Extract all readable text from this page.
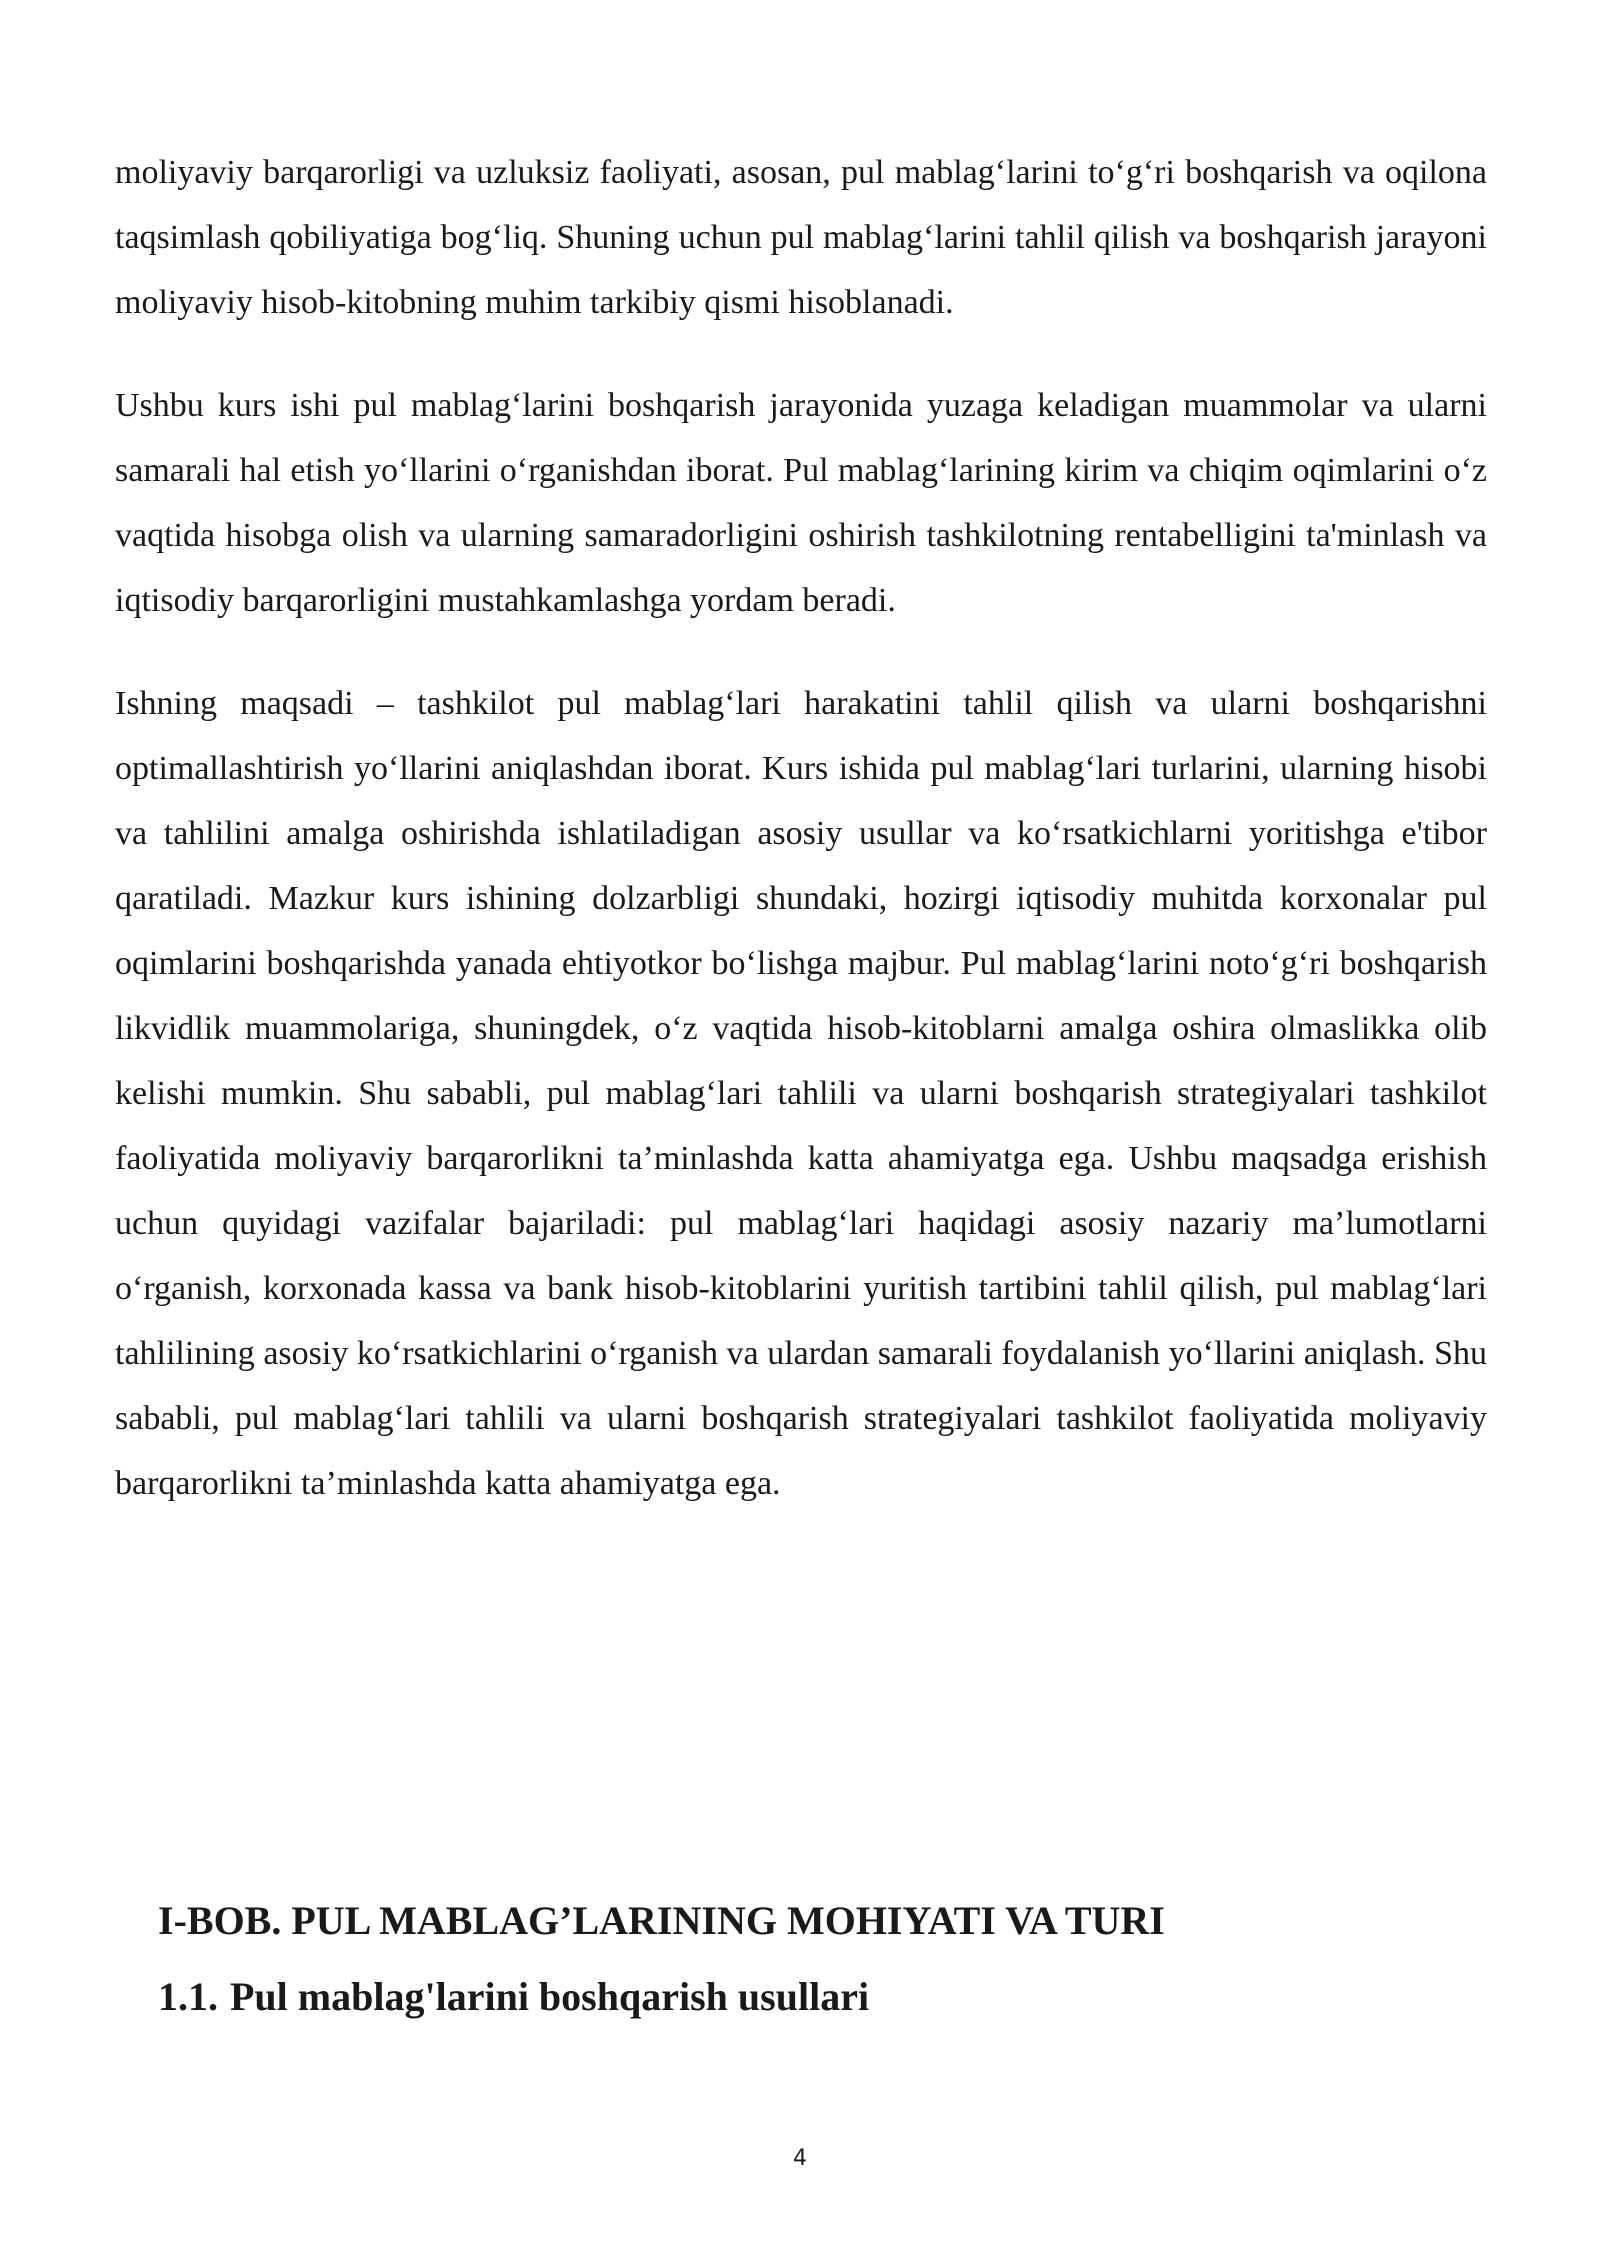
moliyaviy barqarorligi va uzluksiz faoliyati, asosan, pul mablag‘larini to‘g‘ri boshqarish va oqilona taqsimlash qobiliyatiga bog‘liq. Shuning uchun pul mablag‘larini tahlil qilish va boshqarish jarayoni moliyaviy hisob-kitobning muhim tarkibiy qismi hisoblanadi.

Ushbu kurs ishi pul mablag‘larini boshqarish jarayonida yuzaga keladigan muammolar va ularni samarali hal etish yo‘llarini o‘rganishdan iborat. Pul mablag‘larining kirim va chiqim oqimlarini o‘z vaqtida hisobga olish va ularning samaradorligini oshirish tashkilotning rentabelligini ta'minlash va iqtisodiy barqarorligini mustahkamlashga yordam beradi.

Ishning maqsadi – tashkilot pul mablag‘lari harakatini tahlil qilish va ularni boshqarishni optimallashtirish yo‘llarini aniqlashdan iborat. Kurs ishida pul mablag‘lari turlarini, ularning hisobi va tahlilini amalga oshirishda ishlatiladigan asosiy usullar va ko‘rsatkichlarni yoritishga e'tibor qaratiladi. Mazkur kurs ishining dolzarbligi shundaki, hozirgi iqtisodiy muhitda korxonalar pul oqimlarini boshqarishda yanada ehtiyotkor bo‘lishga majbur. Pul mablag‘larini noto‘g‘ri boshqarish likvidlik muammolariga, shuningdek, o‘z vaqtida hisob-kitoblarni amalga oshira olmaslikka olib kelishi mumkin. Shu sababli, pul mablag‘lari tahlili va ularni boshqarish strategiyalari tashkilot faoliyatida moliyaviy barqarorlikni ta’minlashda katta ahamiyatga ega. Ushbu maqsadga erishish uchun quyidagi vazifalar bajariladi: pul mablag‘lari haqidagi asosiy nazariy ma’lumotlarni o‘rganish, korxonada kassa va bank hisob-kitoblarini yuritish tartibini tahlil qilish, pul mablag‘lari tahlilining asosiy ko‘rsatkichlarini o‘rganish va ulardan samarali foydalanish yo‘llarini aniqlash. Shu sababli, pul mablag‘lari tahlili va ularni boshqarish strategiyalari tashkilot faoliyatida moliyaviy barqarorlikni ta’minlashda katta ahamiyatga ega.

I-BOB. PUL MABLAG’LARINING MOHIYATI VA TURI
1.1. Pul mablag'larini boshqarish usullari
4
